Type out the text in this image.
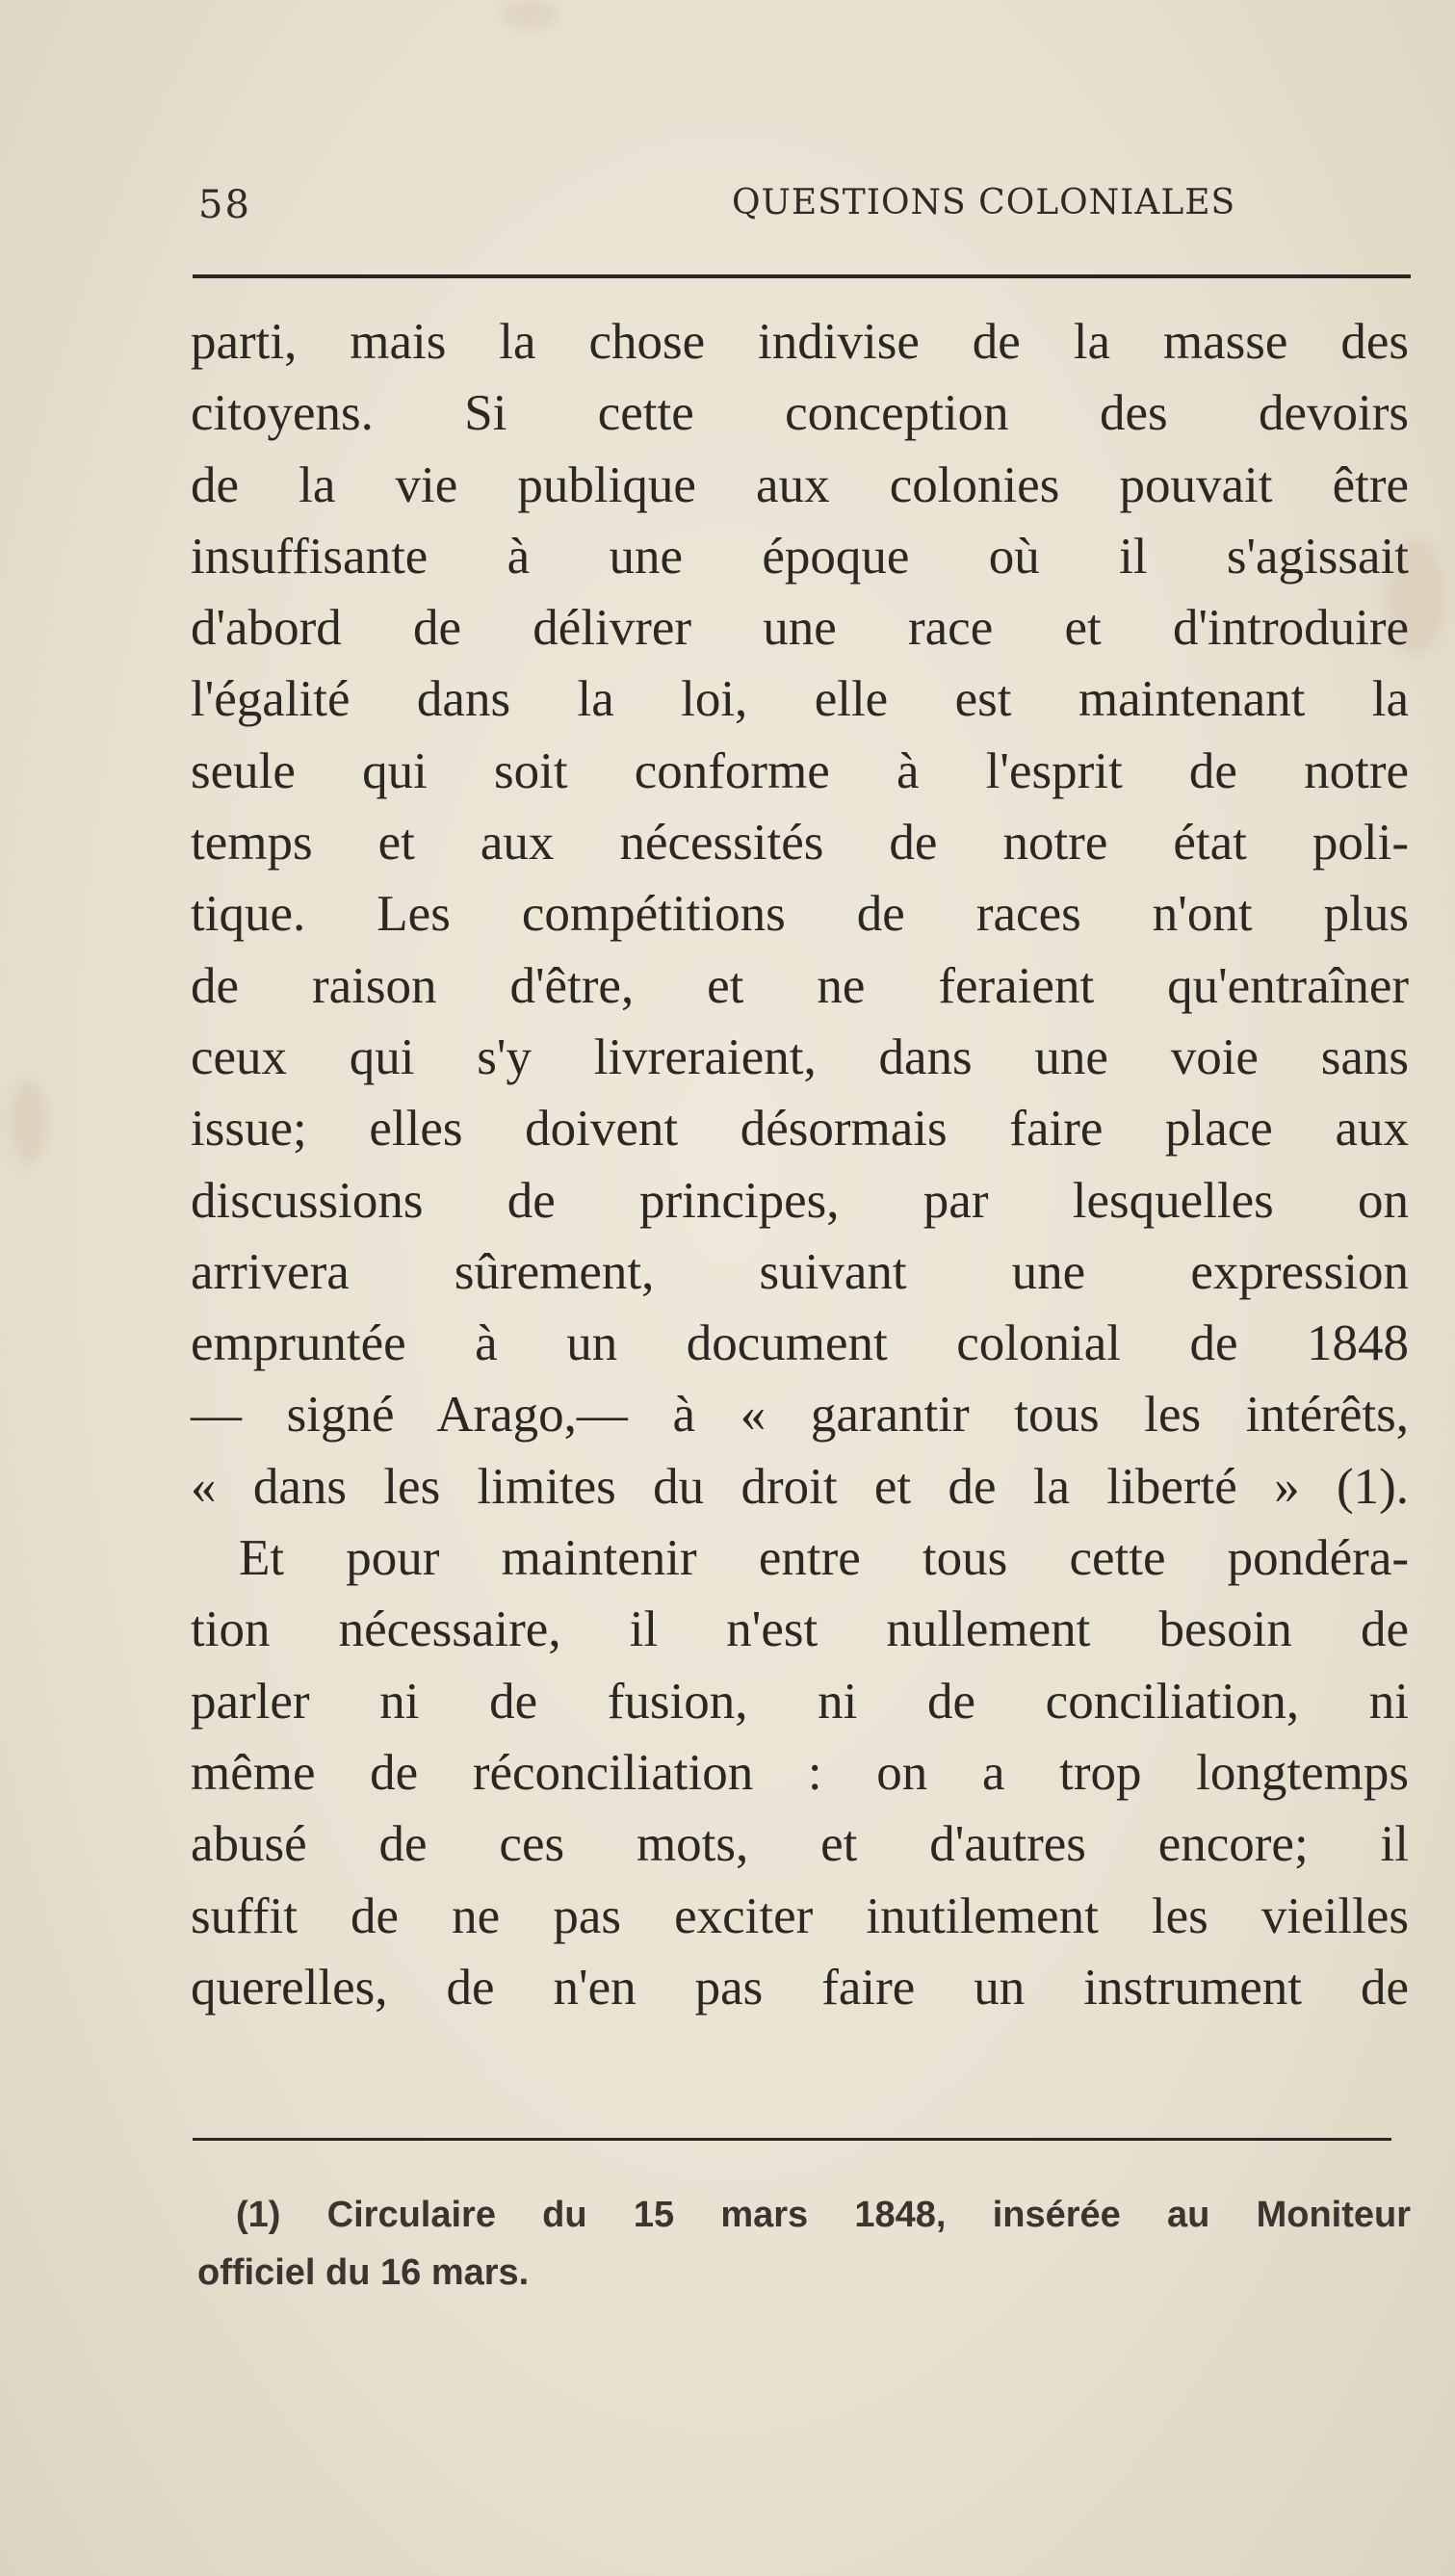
58	QUESTIONS COLONIALES
parti, mais la chose indivise de la masse des
citoyens. Si cette conception des devoirs
de la vie publique aux colonies pouvait être
insuffisante à une époque où il s'agissait
d'abord de délivrer une race et d'introduire
l'égalité dans la loi, elle est maintenant la
seule qui soit conforme à l'esprit de notre
temps et aux nécessités de notre état poli-
tique. Les compétitions de races n'ont plus
de raison d'être, et ne feraient qu'entraîner
ceux qui s'y livreraient, dans une voie sans
issue; elles doivent désormais faire place aux
discussions de principes, par lesquelles on
arrivera sûrement, suivant une expression
empruntée à un document colonial de 1848
— signé Arago,— à « garantir tous les intérêts,
« dans les limites du droit et de la liberté » (1).
Et pour maintenir entre tous cette pondéra-
tion nécessaire, il n'est nullement besoin de
parler ni de fusion, ni de conciliation, ni
même de réconciliation : on a trop longtemps
abusé de ces mots, et d'autres encore; il
suffit de ne pas exciter inutilement les vieilles
querelles, de n'en pas faire un instrument de
(1) Circulaire du 15 mars 1848, insérée au Moniteur
officiel du 16 mars.
